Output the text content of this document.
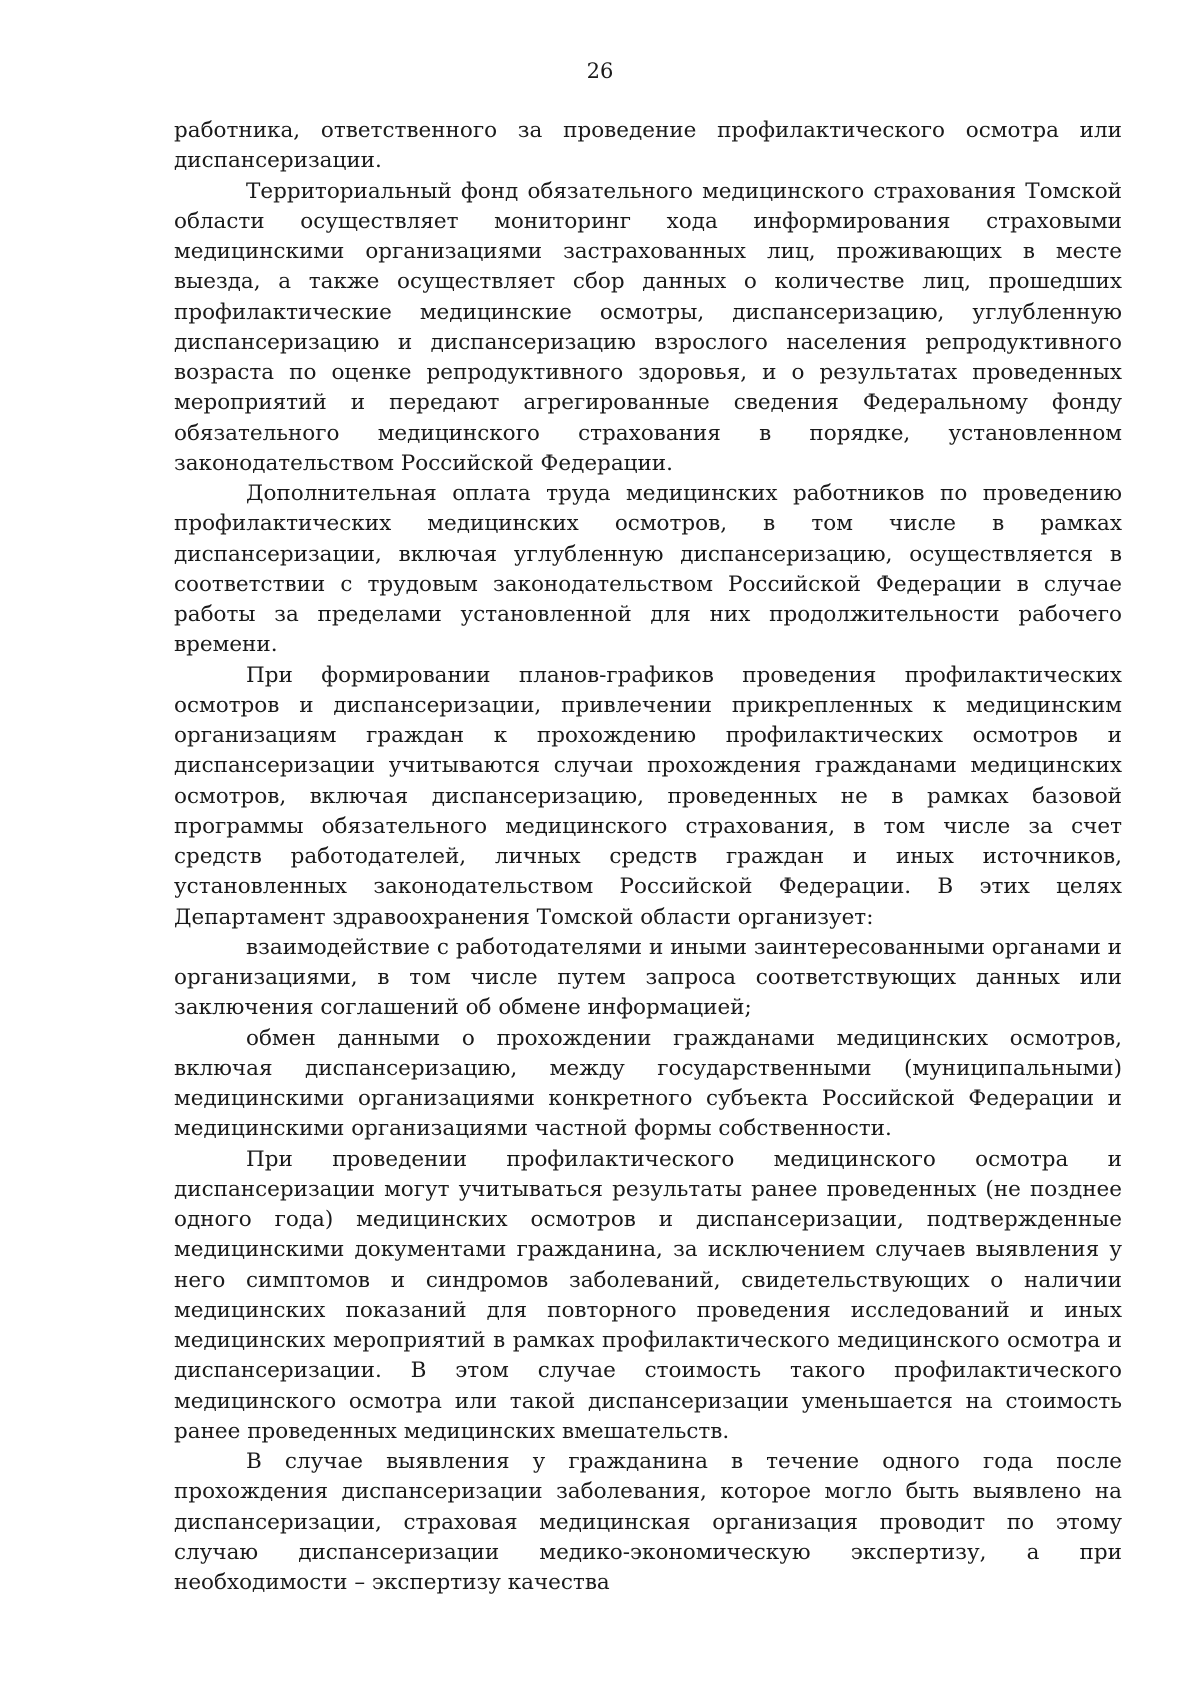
26

работника, ответственного за проведение профилактического осмотра или диспансеризации.

Территориальный фонд обязательного медицинского страхования Томской области осуществляет мониторинг хода информирования страховыми медицинскими организациями застрахованных лиц, проживающих в месте выезда, а также осуществляет сбор данных о количестве лиц, прошедших профилактические медицинские осмотры, диспансеризацию, углубленную диспансеризацию и диспансеризацию взрослого населения репродуктивного возраста по оценке репродуктивного здоровья, и о результатах проведенных мероприятий и передают агрегированные сведения Федеральному фонду обязательного медицинского страхования в порядке, установленном законодательством Российской Федерации.

Дополнительная оплата труда медицинских работников по проведению профилактических медицинских осмотров, в том числе в рамках диспансеризации, включая углубленную диспансеризацию, осуществляется в соответствии с трудовым законодательством Российской Федерации в случае работы за пределами установленной для них продолжительности рабочего времени.

При формировании планов-графиков проведения профилактических осмотров и диспансеризации, привлечении прикрепленных к медицинским организациям граждан к прохождению профилактических осмотров и диспансеризации учитываются случаи прохождения гражданами медицинских осмотров, включая диспансеризацию, проведенных не в рамках базовой программы обязательного медицинского страхования, в том числе за счет средств работодателей, личных средств граждан и иных источников, установленных законодательством Российской Федерации. В этих целях Департамент здравоохранения Томской области организует:

взаимодействие с работодателями и иными заинтересованными органами и организациями, в том числе путем запроса соответствующих данных или заключения соглашений об обмене информацией;

обмен данными о прохождении гражданами медицинских осмотров, включая диспансеризацию, между государственными (муниципальными) медицинскими организациями конкретного субъекта Российской Федерации и медицинскими организациями частной формы собственности.

При проведении профилактического медицинского осмотра и диспансеризации могут учитываться результаты ранее проведенных (не позднее одного года) медицинских осмотров и диспансеризации, подтвержденные медицинскими документами гражданина, за исключением случаев выявления у него симптомов и синдромов заболеваний, свидетельствующих о наличии медицинских показаний для повторного проведения исследований и иных медицинских мероприятий в рамках профилактического медицинского осмотра и диспансеризации. В этом случае стоимость такого профилактического медицинского осмотра или такой диспансеризации уменьшается на стоимость ранее проведенных медицинских вмешательств.

В случае выявления у гражданина в течение одного года после прохождения диспансеризации заболевания, которое могло быть выявлено на диспансеризации, страховая медицинская организация проводит по этому случаю диспансеризации медико-экономическую экспертизу, а при необходимости – экспертизу качества
